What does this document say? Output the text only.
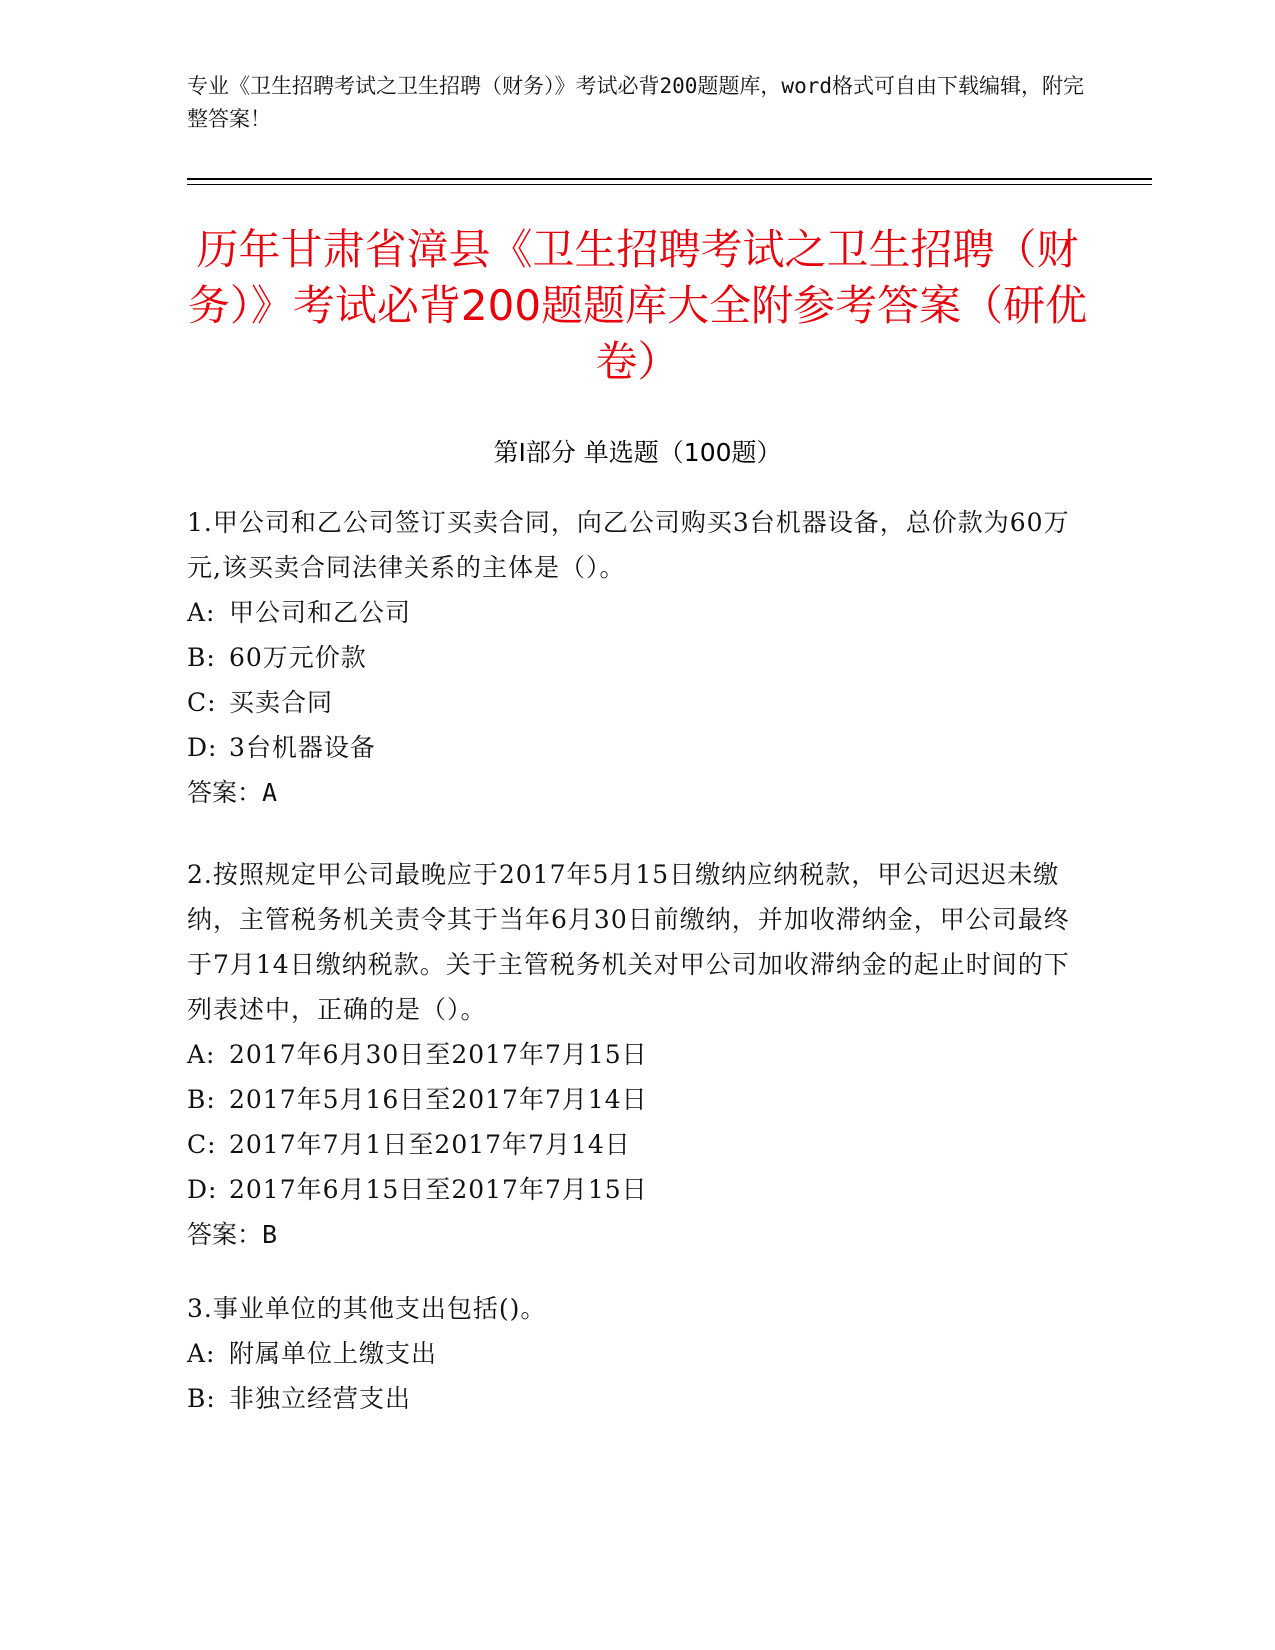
专业《卫生招聘考试之卫生招聘（财务）》考试必背200题题库，word格式可自由下载编辑，附完整答案！
历年甘肃省漳县《卫生招聘考试之卫生招聘（财务）》考试必背200题题库大全附参考答案（研优卷）
第Ⅰ部分 单选题（100题）
1.甲公司和乙公司签订买卖合同，向乙公司购买3台机器设备，总价款为60万元,该买卖合同法律关系的主体是（）。
A: 甲公司和乙公司
B: 60万元价款
C: 买卖合同
D: 3台机器设备
答案：A
2.按照规定甲公司最晚应于2017年5月15日缴纳应纳税款，甲公司迟迟未缴纳，主管税务机关责令其于当年6月30日前缴纳，并加收滞纳金，甲公司最终于7月14日缴纳税款。关于主管税务机关对甲公司加收滞纳金的起止时间的下列表述中，正确的是（）。
A: 2017年6月30日至2017年7月15日
B: 2017年5月16日至2017年7月14日
C: 2017年7月1日至2017年7月14日
D: 2017年6月15日至2017年7月15日
答案：B
3.事业单位的其他支出包括()。
A: 附属单位上缴支出
B: 非独立经营支出
